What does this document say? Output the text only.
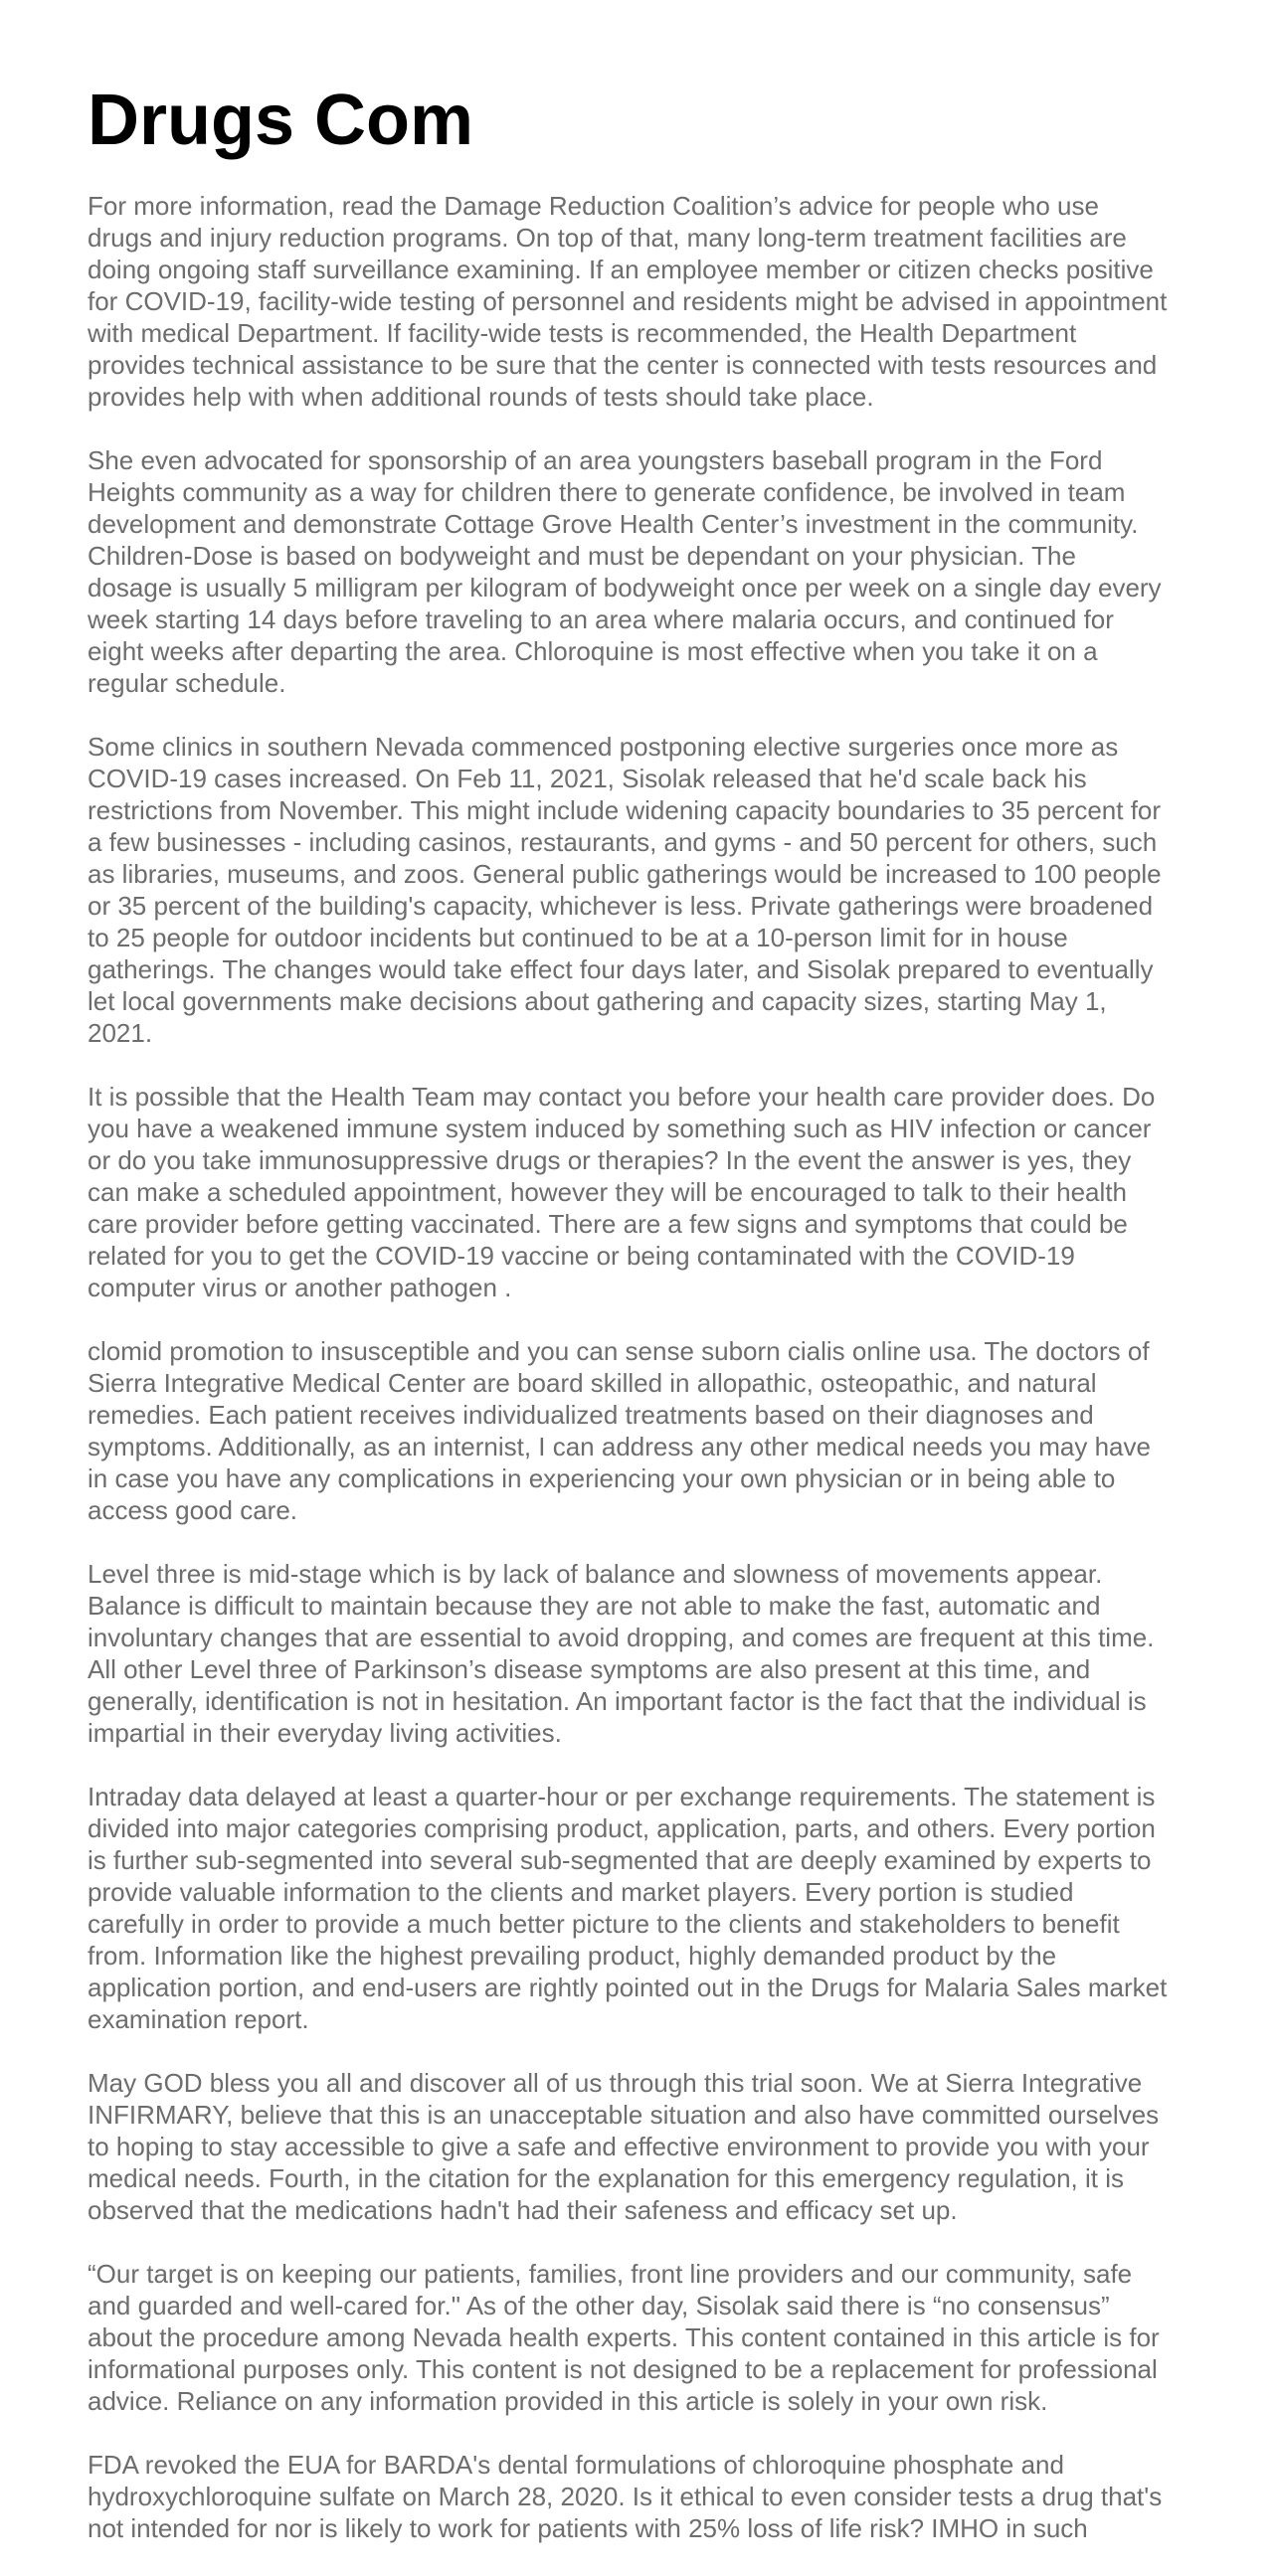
Drugs Com

For more information, read the Damage Reduction Coalition’s advice for people who use
drugs and injury reduction programs. On top of that, many long-term treatment facilities are
doing ongoing staff surveillance examining. If an employee member or citizen checks positive
for COVID-19, facility-wide testing of personnel and residents might be advised in appointment
with medical Department. If facility-wide tests is recommended, the Health Department
provides technical assistance to be sure that the center is connected with tests resources and
provides help with when additional rounds of tests should take place.

She even advocated for sponsorship of an area youngsters baseball program in the Ford
Heights community as a way for children there to generate confidence, be involved in team
development and demonstrate Cottage Grove Health Center’s investment in the community.
Children-Dose is based on bodyweight and must be dependant on your physician. The
dosage is usually 5 milligram per kilogram of bodyweight once per week on a single day every
week starting 14 days before traveling to an area where malaria occurs, and continued for
eight weeks after departing the area. Chloroquine is most effective when you take it on a
regular schedule.

Some clinics in southern Nevada commenced postponing elective surgeries once more as
COVID-19 cases increased. On Feb 11, 2021, Sisolak released that he'd scale back his
restrictions from November. This might include widening capacity boundaries to 35 percent for
a few businesses - including casinos, restaurants, and gyms - and 50 percent for others, such
as libraries, museums, and zoos. General public gatherings would be increased to 100 people
or 35 percent of the building's capacity, whichever is less. Private gatherings were broadened
to 25 people for outdoor incidents but continued to be at a 10-person limit for in house
gatherings. The changes would take effect four days later, and Sisolak prepared to eventually
let local governments make decisions about gathering and capacity sizes, starting May 1,
2021.

It is possible that the Health Team may contact you before your health care provider does. Do
you have a weakened immune system induced by something such as HIV infection or cancer
or do you take immunosuppressive drugs or therapies? In the event the answer is yes, they
can make a scheduled appointment, however they will be encouraged to talk to their health
care provider before getting vaccinated. There are a few signs and symptoms that could be
related for you to get the COVID-19 vaccine or being contaminated with the COVID-19
computer virus or another pathogen .

clomid promotion to insusceptible and you can sense suborn cialis online usa. The doctors of
Sierra Integrative Medical Center are board skilled in allopathic, osteopathic, and natural
remedies. Each patient receives individualized treatments based on their diagnoses and
symptoms. Additionally, as an internist, I can address any other medical needs you may have
in case you have any complications in experiencing your own physician or in being able to
access good care.

Level three is mid-stage which is by lack of balance and slowness of movements appear.
Balance is difficult to maintain because they are not able to make the fast, automatic and
involuntary changes that are essential to avoid dropping, and comes are frequent at this time.
All other Level three of Parkinson’s disease symptoms are also present at this time, and
generally, identification is not in hesitation. An important factor is the fact that the individual is
impartial in their everyday living activities.

Intraday data delayed at least a quarter-hour or per exchange requirements. The statement is
divided into major categories comprising product, application, parts, and others. Every portion
is further sub-segmented into several sub-segmented that are deeply examined by experts to
provide valuable information to the clients and market players. Every portion is studied
carefully in order to provide a much better picture to the clients and stakeholders to benefit
from. Information like the highest prevailing product, highly demanded product by the
application portion, and end-users are rightly pointed out in the Drugs for Malaria Sales market
examination report.

May GOD bless you all and discover all of us through this trial soon. We at Sierra Integrative
INFIRMARY, believe that this is an unacceptable situation and also have committed ourselves
to hoping to stay accessible to give a safe and effective environment to provide you with your
medical needs. Fourth, in the citation for the explanation for this emergency regulation, it is
observed that the medications hadn't had their safeness and efficacy set up.

“Our target is on keeping our patients, families, front line providers and our community, safe
and guarded and well-cared for." As of the other day, Sisolak said there is “no consensus”
about the procedure among Nevada health experts. This content contained in this article is for
informational purposes only. This content is not designed to be a replacement for professional
advice. Reliance on any information provided in this article is solely in your own risk.

FDA revoked the EUA for BARDA's dental formulations of chloroquine phosphate and
hydroxychloroquine sulfate on March 28, 2020. Is it ethical to even consider tests a drug that's
not intended for nor is likely to work for patients with 25% loss of life risk? IMHO in such
